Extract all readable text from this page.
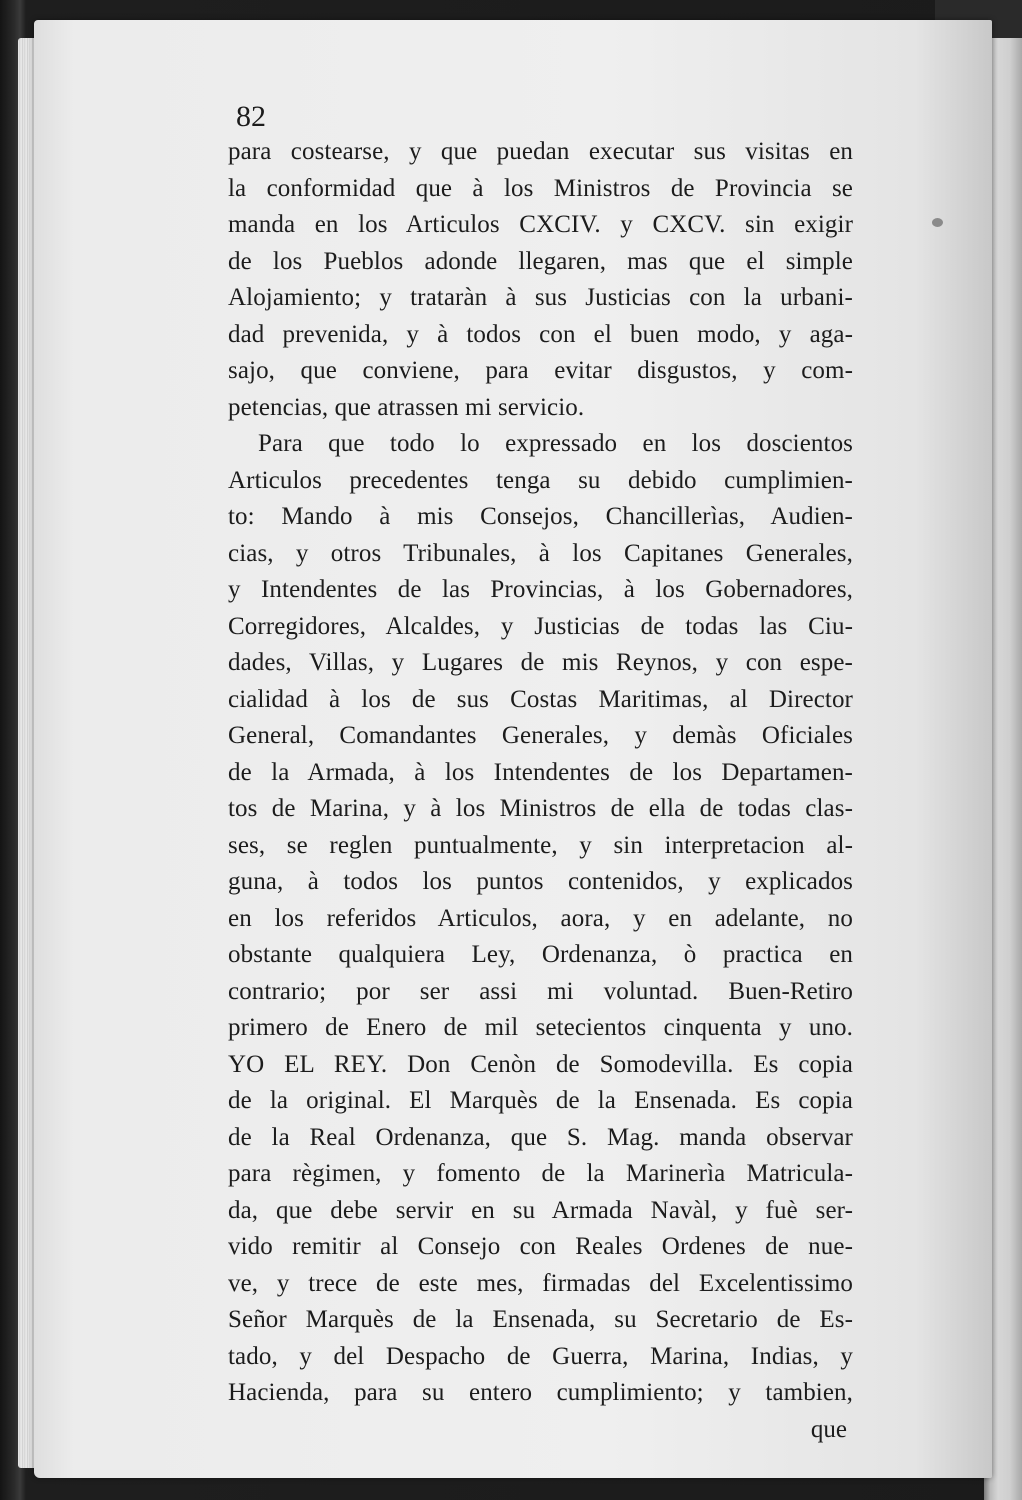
82
para costearse, y que puedan executar sus visitas en
la conformidad que à los Ministros de Provincia se
manda en los Articulos CXCIV. y CXCV. sin exigir
de los Pueblos adonde llegaren, mas que el simple
Alojamiento; y trataràn à sus Justicias con la urbani-
dad prevenida, y à todos con el buen modo, y aga-
sajo, que conviene, para evitar disgustos, y com-
petencias, que atrassen mi servicio.
Para que todo lo expressado en los doscientos
Articulos precedentes tenga su debido cumplimien-
to: Mando à mis Consejos, Chancillerìas, Audien-
cias, y otros Tribunales, à los Capitanes Generales,
y Intendentes de las Provincias, à los Gobernadores,
Corregidores, Alcaldes, y Justicias de todas las Ciu-
dades, Villas, y Lugares de mis Reynos, y con espe-
cialidad à los de sus Costas Maritimas, al Director
General, Comandantes Generales, y demàs Oficiales
de la Armada, à los Intendentes de los Departamen-
tos de Marina, y à los Ministros de ella de todas clas-
ses, se reglen puntualmente, y sin interpretacion al-
guna, à todos los puntos contenidos, y explicados
en los referidos Articulos, aora, y en adelante, no
obstante qualquiera Ley, Ordenanza, ò practica en
contrario; por ser assi mi voluntad. Buen-Retiro
primero de Enero de mil setecientos cinquenta y uno.
YO EL REY. Don Cenòn de Somodevilla. Es copia
de la original. El Marquès de la Ensenada. Es copia
de la Real Ordenanza, que S. Mag. manda observar
para règimen, y fomento de la Marinerìa Matricula-
da, que debe servir en su Armada Navàl, y fuè ser-
vido remitir al Consejo con Reales Ordenes de nue-
ve, y trece de este mes, firmadas del Excelentissimo
Señor Marquès de la Ensenada, su Secretario de Es-
tado, y del Despacho de Guerra, Marina, Indias, y
Hacienda, para su entero cumplimiento; y tambien,
que
